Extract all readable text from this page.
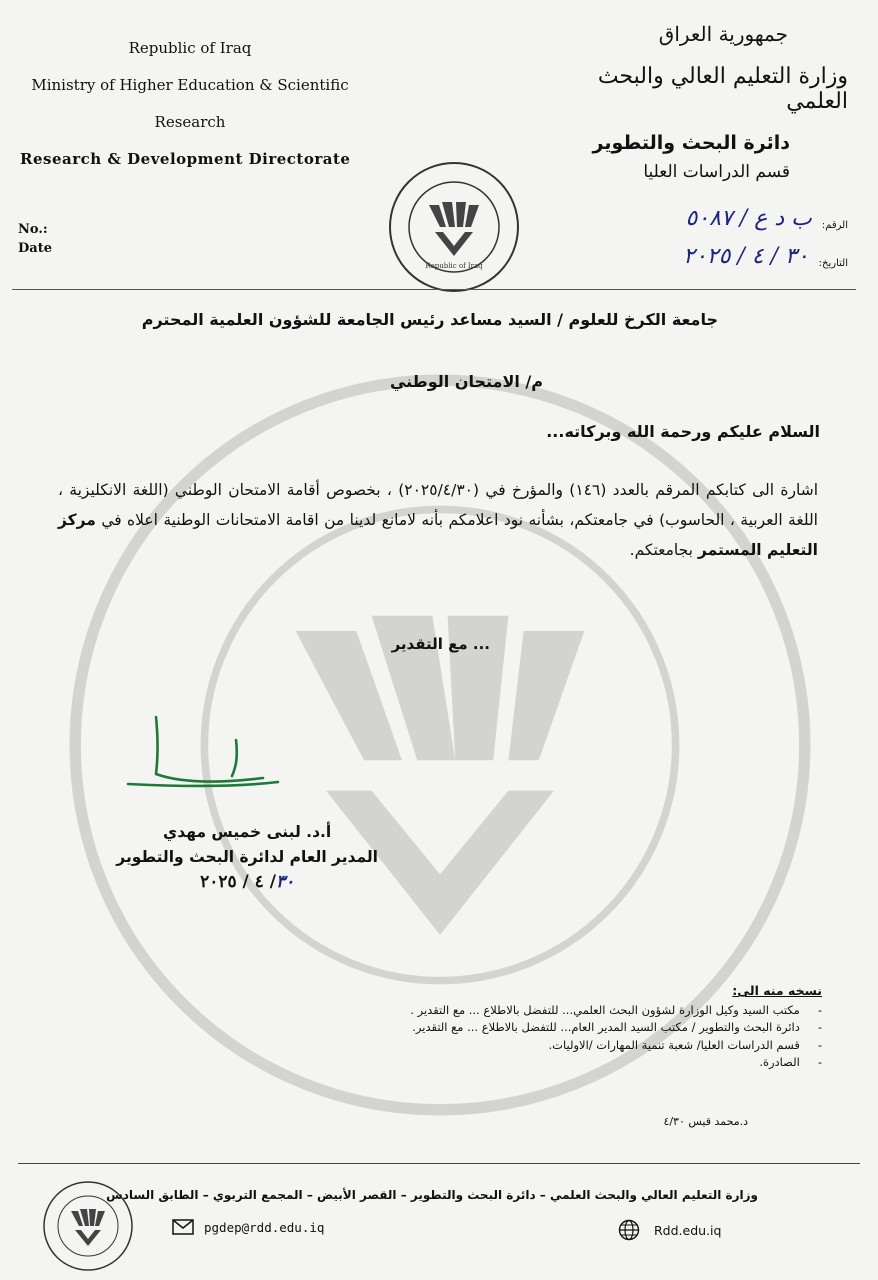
Republic of Iraq
Ministry of Higher Education & Scientific
Research
Research & Development Directorate
جمهورية العراق
وزارة التعليم العالي والبحث العلمي
دائرة البحث والتطوير
قسم الدراسات العليا
الرقم:
ب د ع / ٥٠٨٧
التاريخ:
٣٠ / ٤ / ٢٠٢٥
No.:
Date
Republic of Iraq
جامعة الكرخ للعلوم / السيد مساعد رئيس الجامعة للشؤون العلمية المحترم
م/ الامتحان الوطني
السلام عليكم ورحمة الله وبركاته...
اشارة الى كتابكم المرقم بالعدد (١٤٦) والمؤرخ في (٢٠٢٥/٤/٣٠) ، بخصوص أقامة الامتحان الوطني (اللغة الانكليزية ، اللغة العربية ، الحاسوب) في جامعتكم، بشأنه نود اعلامكم بأنه لامانع لدينا من اقامة الامتحانات الوطنية اعلاه في مركز التعليم المستمر بجامعتكم.
... مع التقدير
أ.د. لبنى خميس مهدي
المدير العام لدائرة البحث والتطوير
٣٠/ ٤ / ٢٠٢٥
نسخه منه الى:
-
مكتب السيد وكيل الوزارة لشؤون البحث العلمي... للتفضل بالاطلاع ... مع التقدير .
-
دائرة البحث والتطوير / مكتب السيد المدير العام... للتفضل بالاطلاع ... مع التقدير.
-
قسم الدراسات العليا/ شعبة تنمية المهارات /الاوليات.
-
الصادرة.
د.محمد قيس ٤/٣٠
وزارة التعليم العالي والبحث العلمي – دائرة البحث والتطوير – القصر الأبيض – المجمع التربوي – الطابق السادس
pgdep@rdd.edu.iq	Rdd.edu.iq
